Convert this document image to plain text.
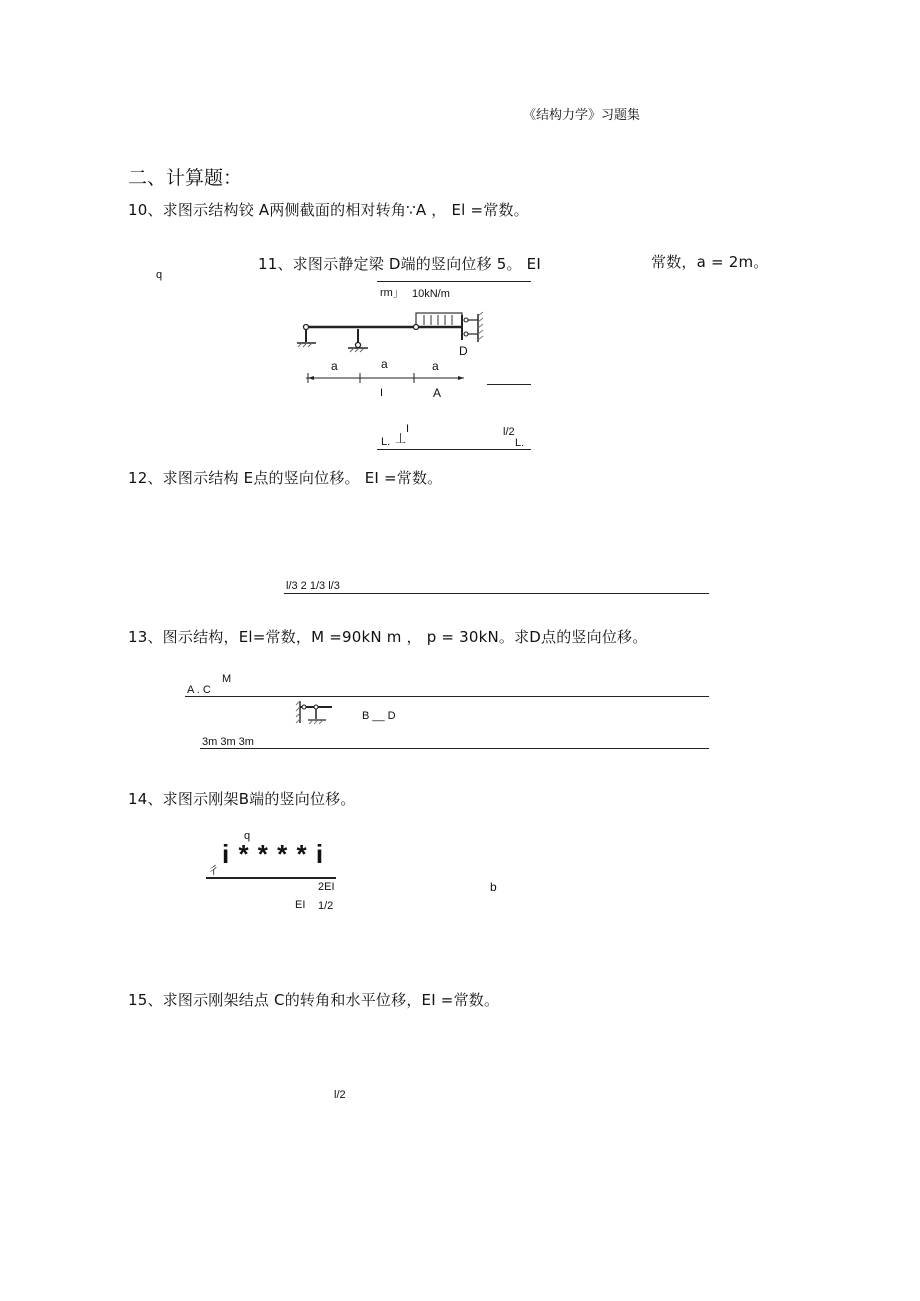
《结构力学》习题集
二、计算题：
10、求图示结构铰 A两侧截面的相对转角∵A ， El =常数。
11、求图示静定梁 D端的竖向位移 5。 EI	常数，a = 2m。
q
rm」 10kN/m
D
a	a	a
I	A
L. 丄
I	l/2
L.
12、求图示结构 E点的竖向位移。 EI =常数。
l/3 2 1/3 l/3
13、图示结构，El=常数，M =90kN m ， p = 30kN。求D点的竖向位移。
M
A . C
B __ D
3m 3m 3m
14、求图示刚架B端的竖向位移。
q
i * * * * i
彳
2EI	b
EI 1/2
15、求图示刚架结点 C的转角和水平位移，EI =常数。
l/2
